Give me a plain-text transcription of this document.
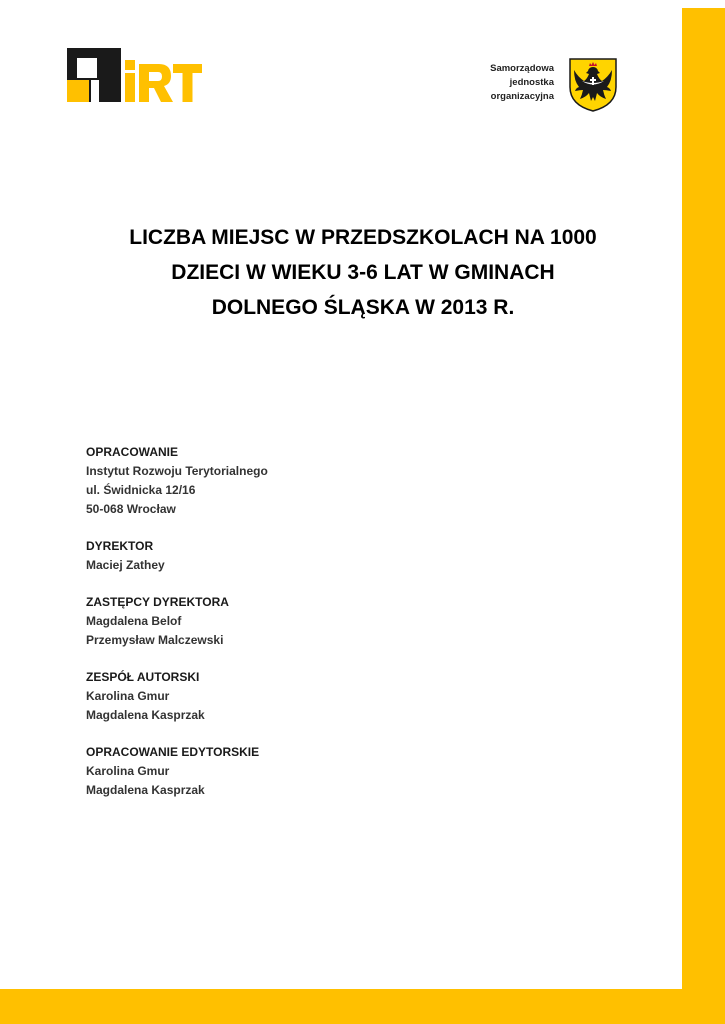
Samorządowa
jednostka
organizacyjna
LICZBA MIEJSC W PRZEDSZKOLACH NA 1000
DZIECI W WIEKU 3-6 LAT W GMINACH
DOLNEGO ŚLĄSKA W 2013 R.
OPRACOWANIE
Instytut Rozwoju Terytorialnego
ul. Świdnicka 12/16
50-068 Wrocław
DYREKTOR
Maciej Zathey
ZASTĘPCY DYREKTORA
Magdalena Belof
Przemysław Malczewski
ZESPÓŁ AUTORSKI
Karolina Gmur
Magdalena Kasprzak
OPRACOWANIE EDYTORSKIE
Karolina Gmur
Magdalena Kasprzak
